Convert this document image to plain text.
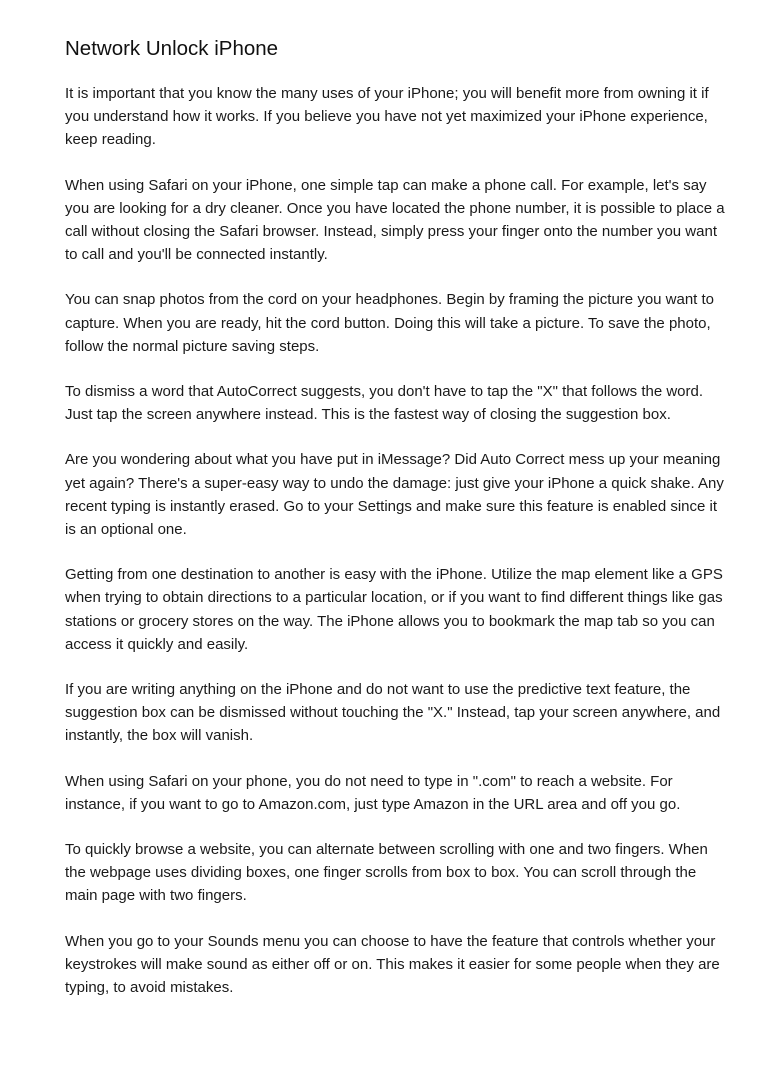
Network Unlock iPhone

It is important that you know the many uses of your iPhone; you will benefit more from owning it if you understand how it works. If you believe you have not yet maximized your iPhone experience, keep reading.

When using Safari on your iPhone, one simple tap can make a phone call. For example, let's say you are looking for a dry cleaner. Once you have located the phone number, it is possible to place a call without closing the Safari browser. Instead, simply press your finger onto the number you want to call and you'll be connected instantly.

You can snap photos from the cord on your headphones. Begin by framing the picture you want to capture. When you are ready, hit the cord button. Doing this will take a picture. To save the photo, follow the normal picture saving steps.

To dismiss a word that AutoCorrect suggests, you don't have to tap the "X" that follows the word. Just tap the screen anywhere instead. This is the fastest way of closing the suggestion box.

Are you wondering about what you have put in iMessage? Did Auto Correct mess up your meaning yet again? There's a super-easy way to undo the damage: just give your iPhone a quick shake. Any recent typing is instantly erased. Go to your Settings and make sure this feature is enabled since it is an optional one.

Getting from one destination to another is easy with the iPhone. Utilize the map element like a GPS when trying to obtain directions to a particular location, or if you want to find different things like gas stations or grocery stores on the way. The iPhone allows you to bookmark the map tab so you can access it quickly and easily.

If you are writing anything on the iPhone and do not want to use the predictive text feature, the suggestion box can be dismissed without touching the "X." Instead, tap your screen anywhere, and instantly, the box will vanish.

When using Safari on your phone, you do not need to type in ".com" to reach a website. For instance, if you want to go to Amazon.com, just type Amazon in the URL area and off you go.

To quickly browse a website, you can alternate between scrolling with one and two fingers. When the webpage uses dividing boxes, one finger scrolls from box to box. You can scroll through the main page with two fingers.

When you go to your Sounds menu you can choose to have the feature that controls whether your keystrokes will make sound as either off or on. This makes it easier for some people when they are typing, to avoid mistakes.
